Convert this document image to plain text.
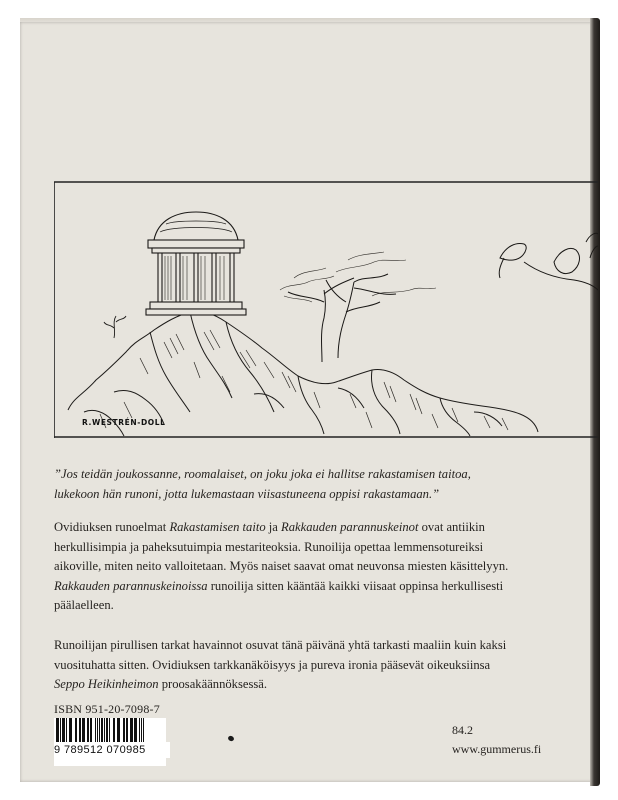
R.WESTRÉN-DOLL
”Jos teidän joukossanne, roomalaiset, on joku joka ei hallitse rakastamisen taitoa,
lukekoon hän runoni, jotta lukemastaan viisastuneena oppisi rakastamaan.”
Ovidiuksen runoelmat Rakastamisen taito ja Rakkauden parannuskeinot ovat antiikin
herkullisimpia ja paheksutuimpia mestariteoksia. Runoilija opettaa lemmensotureiksi
aikoville, miten neito valloitetaan. Myös naiset saavat omat neuvonsa miesten käsittelyyn.
Rakkauden parannuskeinoissa runoilija sitten kääntää kaikki viisaat oppinsa herkullisesti
päälaelleen.
Runoilijan pirullisen tarkat havainnot osuvat tänä päivänä yhtä tarkasti maaliin kuin kaksi
vuosituhatta sitten. Ovidiuksen tarkkanäköisyys ja pureva ironia pääsevät oikeuksiinsa
Seppo Heikinheimon proosakäännöksessä.
ISBN 951-20-7098-7
9 789512 070985
84.2
www.gummerus.fi
